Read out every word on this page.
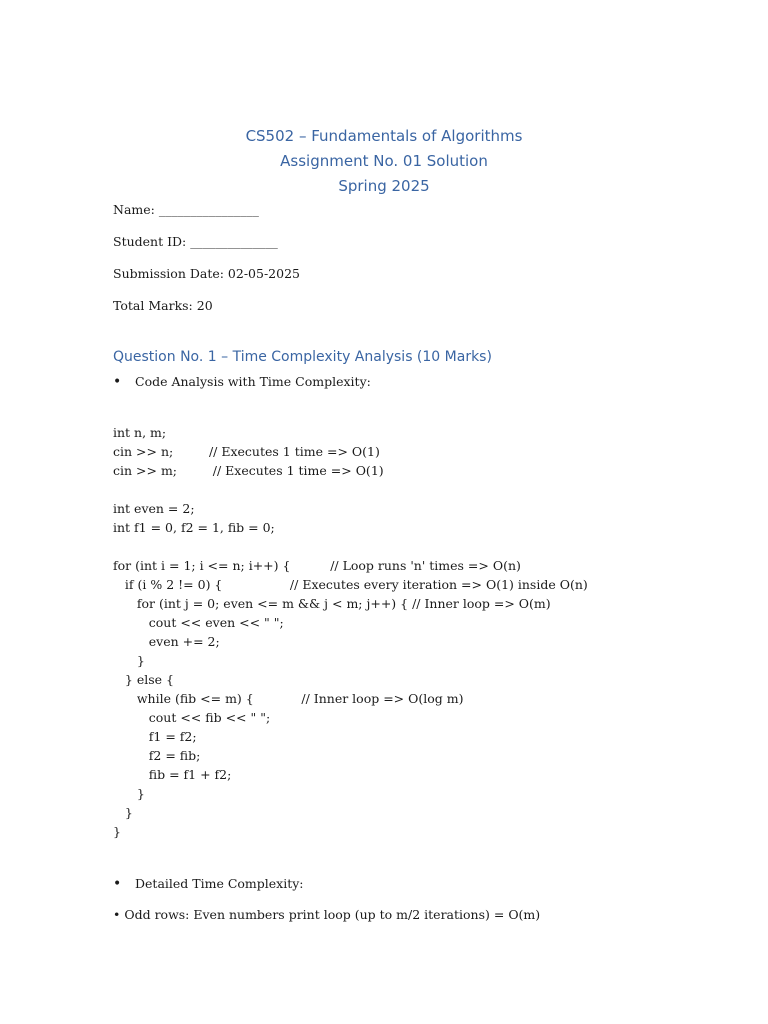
CS502 – Fundamentals of Algorithms
Assignment No. 01 Solution
Spring 2025
Name: ________________
Student ID: ______________
Submission Date: 02-05-2025
Total Marks: 20
Question No. 1 – Time Complexity Analysis (10 Marks)
• Code Analysis with Time Complexity:
int n, m;
cin >> n;         // Executes 1 time => O(1)
cin >> m;         // Executes 1 time => O(1)
int even = 2;
int f1 = 0, f2 = 1, fib = 0;
for (int i = 1; i <= n; i++) {          // Loop runs 'n' times => O(n)
if (i % 2 != 0) {                 // Executes every iteration => O(1) inside O(n)
for (int j = 0; even <= m && j < m; j++) { // Inner loop => O(m)
cout << even << " ";
even += 2;
}
} else {
while (fib <= m) {            // Inner loop => O(log m)
cout << fib << " ";
f1 = f2;
f2 = fib;
fib = f1 + f2;
}
}
}
• Detailed Time Complexity:
• Odd rows: Even numbers print loop (up to m/2 iterations) = O(m)
